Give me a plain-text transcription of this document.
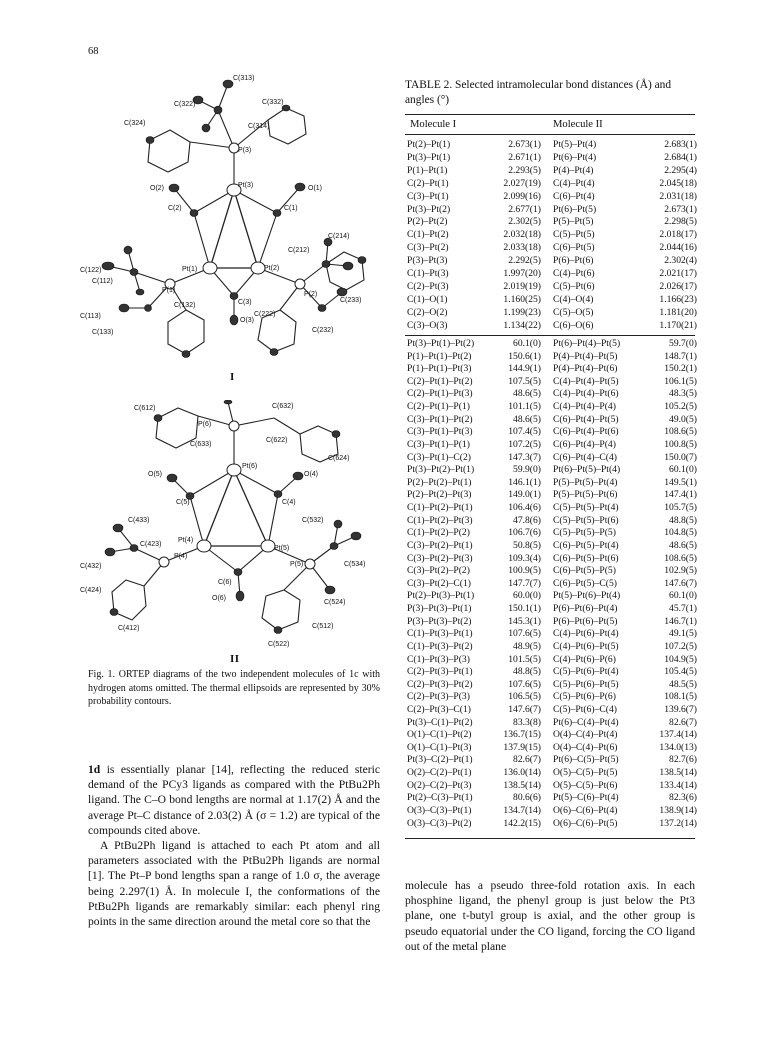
68
Pt(3)
Pt(1)	Pt(2)
P(3)
C(2)	C(1)
C(3)
O(2)	O(1)
O(3)
C(313)
C(322)	C(332)
C(324)	C(314)
C(214)
C(212)
C(122)
C(112)
C(132)
C(113)
C(133)
C(222)
C(232)
C(233)
P(1)
P(2)
I
Pt(6)
Pt(4)
Pt(5)
P(6)
P(4)
P(5)
C(4)
C(5)
C(6)
O(4)
O(5)
O(6)
C(612)	C(632)
C(622)
C(633)
C(624)
C(433)
C(423)
C(432)
C(424)
C(412)
C(532)
C(534)
C(524)
C(522)
C(512)
II
Fig. 1. ORTEP diagrams of the two independent molecules of 1c with hydrogen atoms omitted. The thermal ellipsoids are represented by 30% probability contours.

1d is essentially planar [14], reflecting the reduced steric demand of the PCy3 ligands as compared with the PtBu2Ph ligand. The C–O bond lengths are normal at 1.17(2) Å and the average Pt–C distance of 2.03(2) Å (σ = 1.2) are typical of the compounds cited above.

A PtBu2Ph ligand is attached to each Pt atom and all parameters associated with the PtBu2Ph ligands are normal [1]. The Pt–P bond lengths span a range of 1.0 σ, the average being 2.297(1) Å. In molecule I, the conformations of the PtBu2Ph ligands are remarkably similar: each phenyl ring points in the same direction around the metal core so that the

molecule has a pseudo three-fold rotation axis. In each phosphine ligand, the phenyl group is just below the Pt3 plane, one t-butyl group is axial, and the other group is pseudo equatorial under the CO ligand, forcing the CO ligand out of the metal plane
TABLE 2. Selected intramolecular bond distances (Å) and angles (°)
Molecule I	Molecule II
Pt(2)–Pt(1)	2.673(1) Pt(5)–Pt(4)	2.683(1)
Pt(3)–Pt(1)	2.671(1) Pt(6)–Pt(4)	2.684(1)
P(1)–Pt(1)	2.293(5) P(4)–Pt(4)	2.295(4)
C(2)–Pt(1)	2.027(19) C(4)–Pt(4)	2.045(18)
C(3)–Pt(1)	2.099(16) C(6)–Pt(4)	2.031(18)
Pt(3)–Pt(2)	2.677(1) Pt(6)–Pt(5)	2.673(1)
P(2)–Pt(2)	2.302(5) P(5)–Pt(5)	2.298(5)
C(1)–Pt(2)	2.032(18) C(5)–Pt(5)	2.018(17)
C(3)–Pt(2)	2.033(18) C(6)–Pt(5)	2.044(16)
P(3)–Pt(3)	2.292(5) P(6)–Pt(6)	2.302(4)
C(1)–Pt(3)	1.997(20) C(4)–Pt(6)	2.021(17)
C(2)–Pt(3)	2.019(19) C(5)–Pt(6)	2.026(17)
C(1)–O(1)	1.160(25) C(4)–O(4)	1.166(23)
C(2)–O(2)	1.199(23) C(5)–O(5)	1.181(20)
C(3)–O(3)	1.134(22) C(6)–O(6)	1.170(21)
Pt(3)–Pt(1)–Pt(2)	60.1(0) Pt(6)–Pt(4)–Pt(5)	59.7(0)
P(1)–Pt(1)–Pt(2)	150.6(1) P(4)–Pt(4)–Pt(5)	148.7(1)
P(1)–Pt(1)–Pt(3)	144.9(1) P(4)–Pt(4)–Pt(6)	150.2(1)
C(2)–Pt(1)–Pt(2)	107.5(5) C(4)–Pt(4)–Pt(5)	106.1(5)
C(2)–Pt(1)–Pt(3)	48.6(5) C(4)–Pt(4)–Pt(6)	48.3(5)
C(2)–Pt(1)–P(1)	101.1(5) C(4)–Pt(4)–P(4)	105.2(5)
C(3)–Pt(1)–Pt(2)	48.6(5) C(6)–Pt(4)–Pt(5)	49.0(5)
C(3)–Pt(1)–Pt(3)	107.4(5) C(6)–Pt(4)–Pt(6)	108.6(5)
C(3)–Pt(1)–P(1)	107.2(5) C(6)–Pt(4)–P(4)	100.8(5)
C(3)–Pt(1)–C(2)	147.3(7) C(6)–Pt(4)–C(4)	150.0(7)
Pt(3)–Pt(2)–Pt(1)	59.9(0) Pt(6)–Pt(5)–Pt(4)	60.1(0)
P(2)–Pt(2)–Pt(1)	146.1(1) P(5)–Pt(5)–Pt(4)	149.5(1)
P(2)–Pt(2)–Pt(3)	149.0(1) P(5)–Pt(5)–Pt(6)	147.4(1)
C(1)–Pt(2)–Pt(1)	106.4(6) C(5)–Pt(5)–Pt(4)	105.7(5)
C(1)–Pt(2)–Pt(3)	47.8(6) C(5)–Pt(5)–Pt(6)	48.8(5)
C(1)–Pt(2)–P(2)	106.7(6) C(5)–Pt(5)–P(5)	104.8(5)
C(3)–Pt(2)–Pt(1)	50.8(5) C(6)–Pt(5)–Pt(4)	48.6(5)
C(3)–Pt(2)–Pt(3)	109.3(4) C(6)–Pt(5)–Pt(6)	108.6(5)
C(3)–Pt(2)–P(2)	100.9(5) C(6)–Pt(5)–P(5)	102.9(5)
C(3)–Pt(2)–C(1)	147.7(7) C(6)–Pt(5)–C(5)	147.6(7)
Pt(2)–Pt(3)–Pt(1)	60.0(0) Pt(5)–Pt(6)–Pt(4)	60.1(0)
P(3)–Pt(3)–Pt(1)	150.1(1) P(6)–Pt(6)–Pt(4)	45.7(1)
P(3)–Pt(3)–Pt(2)	145.3(1) P(6)–Pt(6)–Pt(5)	146.7(1)
C(1)–Pt(3)–Pt(1)	107.6(5) C(4)–Pt(6)–Pt(4)	49.1(5)
C(1)–Pt(3)–Pt(2)	48.9(5) C(4)–Pt(6)–Pt(5)	107.2(5)
C(1)–Pt(3)–P(3)	101.5(5) C(4)–Pt(6)–P(6)	104.9(5)
C(2)–Pt(3)–Pt(1)	48.8(5) C(5)–Pt(6)–Pt(4)	105.4(5)
C(2)–Pt(3)–Pt(2)	107.6(5) C(5)–Pt(6)–Pt(5)	48.5(5)
C(2)–Pt(3)–P(3)	106.5(5) C(5)–Pt(6)–P(6)	108.1(5)
C(2)–Pt(3)–C(1)	147.6(7) C(5)–Pt(6)–C(4)	139.6(7)
Pt(3)–C(1)–Pt(2)	83.3(8) Pt(6)–C(4)–Pt(4)	82.6(7)
O(1)–C(1)–Pt(2)	136.7(15) O(4)–C(4)–Pt(4)	137.4(14)
O(1)–C(1)–Pt(3)	137.9(15) O(4)–C(4)–Pt(6)	134.0(13)
Pt(3)–C(2)–Pt(1)	82.6(7) Pt(6)–C(5)–Pt(5)	82.7(6)
O(2)–C(2)–Pt(1)	136.0(14) O(5)–C(5)–Pt(5)	138.5(14)
O(2)–C(2)–Pt(3)	138.5(14) O(5)–C(5)–Pt(6)	133.4(14)
Pt(2)–C(3)–Pt(1)	80.6(6) Pt(5)–C(6)–Pt(4)	82.3(6)
O(3)–C(3)–Pt(1)	134.7(14) O(6)–C(6)–Pt(4)	138.9(14)
O(3)–C(3)–Pt(2)	142.2(15) O(6)–C(6)–Pt(5)	137.2(14)
